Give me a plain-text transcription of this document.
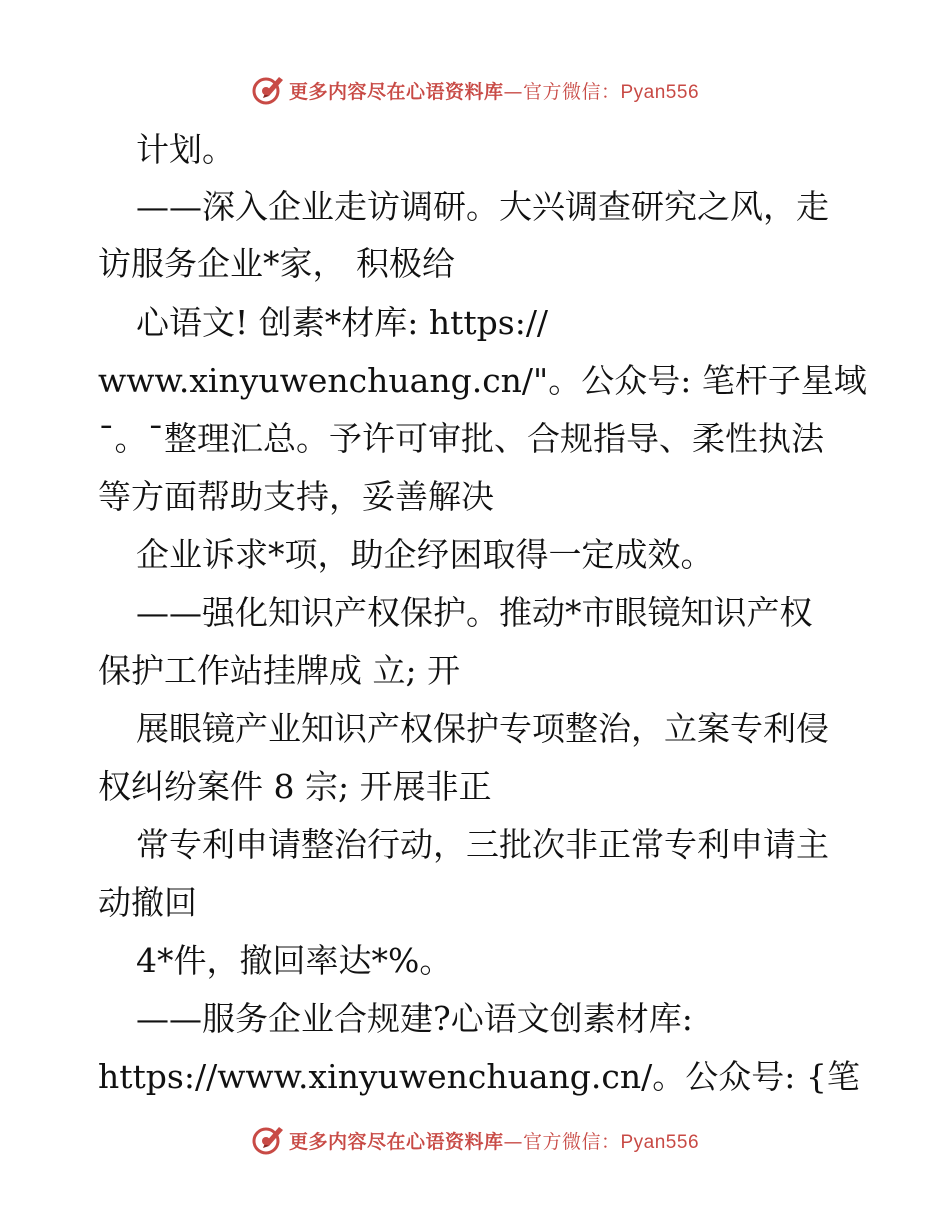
更多内容尽在心语资料库—官方微信：Pyan556
计划。
——深入企业走访调研。大兴调查研究之风，走
访服务企业*家， 积极给
心语文! 创素*材库: https://
www.xinyuwenchuang.cn/"。公众号: 笔杆子星域
¯。¯整理汇总。予许可审批、合规指导、柔性执法
等方面帮助支持，妥善解决
企业诉求*项，助企纾困取得一定成效。
——强化知识产权保护。推动*市眼镜知识产权
保护工作站挂牌成 立; 开
展眼镜产业知识产权保护专项整治，立案专利侵
权纠纷案件 8 宗; 开展非正
常专利申请整治行动，三批次非正常专利申请主
动撤回
4*件，撤回率达*%。
——服务企业合规建?心语文创素材库:
https://www.xinyuwenchuang.cn/。公众号: {笔
更多内容尽在心语资料库—官方微信：Pyan556
